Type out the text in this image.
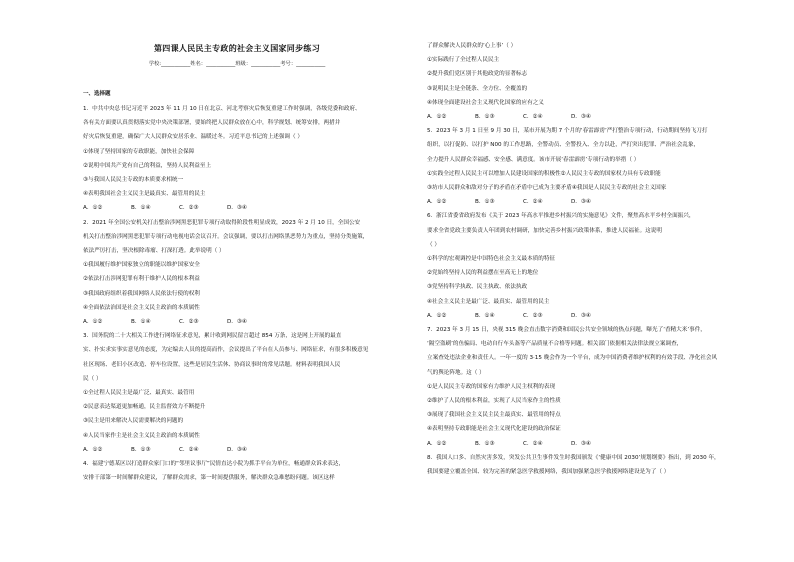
第四课人民民主专政的社会主义国家同步练习
学校:___________姓名：___________班级：___________考号：___________
一、选择题

1．中共中央总书记习近平 2023 年 11 月 10 日在北京、河北考察灾后恢复重建工作时强调，各级党委和政府、

各有关方面要认真贯彻落实党中央决策部署，要始终把人民群众放在心中，科学规划、统筹安排，两措并

好灾后恢复重建，确保广大人民群众安居乐业、温暖过冬。习近平总书记的上述强调（ ）

①体现了坚持国家的专政职能，加快社会保障

②说明中国共产党有自己的利益，坚持人民利益至上

③与我国人民民主专政的本质要求相统一

④表明我国社会主义民主是最真实、最管用的民主

A．①②	B．①④	C．②③	D．③④

2．2021 年全国公安机关打击整治涉网黑恶犯罪专项行动取得阶段性明显成效，2023 年 2 月 10 日，全国公安

机关打击整治涉网黑恶犯罪专项行动电视电话会议召开。会议强调，要以打击网络黑恶势力为重点，坚持分类施策，

依法严厉打击，坚决根除毒瘤、打深打透。此举说明（ ）

①我国履行维护国家独立的职能以维护国家安全

②依法打击涉网犯罪有利于维护人民的根本利益

③我国政府组织着我国网络人民依法行使的权利

④全面依法治国是社会主义民主政治的本质属性

A．①②	B．①④	C．②③	D．③④

3．国务院的二十大相关工作进行网络征求意见，累计收到网民留言超过 854 万条，这是网上开展的最直

实、扑实求实事实意见的态度，为定编去人员的提高而作，会议提出了平台在人员参与、网络征求，有很多积极意见

社区现场、老旧小区改造、停车位设置，这些是居民生活休、协商议事时的常见话题。材料表明我国人民

民（ ）

①全过程人民民主是最广泛、最真实、最管用

②民意表达渠道更加畅通，民主监督效力不断提升

③民主是用来解决人民需要解决的问题的

④人民当家作主是社会主义民主政治的本质属性

A．①②	B．①③	C．②④	D．③④

4．福建宁德某区以打造群众家门口的“邻里议事厅”民情直达小院为抓手平台为单位，畅通群众诉求表达，

安排干部第一时间解群众建议，了解群众需求，第一时间提供服务，解决群众急难愁盼问题。该区这样

了群众解决人民群众的‘心上事’（ ）

①实际践行了全过程人民民主

②提升我们党区别于其他政党的显著标志

③说明民主是全链条、全方位、全覆盖的

④体现全面建设社会主义现代化国家的应有之义

A．①②	B．①③	C．②④	D．③④

5．2023 年 3 月 1 日至 9 月 30 日，某市开展为期 7 个月的‘春雷霹雳’严打整治专项行动，行动期间坚持飞刀打

组织，以打促防、以打护 N00 的工作思路，全警动员、全警投入、全力以赴，严打突出犯罪、严治社会乱象，

全力提升人民群众幸福感、安全感、满意度。该市开展‘春雷霹雳’专项行动的举措（ ）

①实践全过程人民民主可以增加人民建设国家的积极性②人民民主专政的国家权力具有专政职能

③坊市人民群众和敌对分子的矛盾在矛盾中已成为主要矛盾④我国是人民民主专政的社会主义国家

A．①②	B．①③	C．②④	D．③④

6．浙江省委省政府发布《关于 2023 年高水平推进乡村振兴的实施意见》文件，聚焦高水平乡村全面振兴，

要求全省党政主要负责人年团到农村调研，加快完善乡村振兴政策体系，推进人民福祉。这说明

（ ）

①科学的宏观调控是中国特色社会主义最本质的特征

②党始终坚持人民的利益摆在至高无上的地位

③党坚持科学执政、民主执政、依法执政

④社会主义民主是最广泛、最真实、最管用的民主

A．①②	B．①④	C．②③	D．③④

7．2023 年 3 月 15 日，央视 315 晚会直击数字消费和国民公共安全领域的热点问题，曝光了‘香精大米’事件，

‘隔空盗刷’的鱼骗局、电动自行车头盔等产品质量不合格等问题。相关部门依据相关法律法规立案调查，

立案查处违法企业和责任人。一年一度的 3·15 晚会作为一个平台，成为中国消费者维护权利的有效手段、净化社会风

气的舆论阵地。这（ ）

①是人民民主专政的国家有力维护人民主权利的表现

②维护了人民的根本利益，实现了人民当家作主的性质

③展现了我国社会主义民主民主最真实、最管用的特点

④表明坚持专政职能是社会主义现代化建设的政治保证

A．①②	B．①③	C．②④	D．③④

8．我国人口多、自然灾害多发，突发公共卫生事件发生时我国颁发《‘健康中国 2030’规划纲要》指出，到 2030 年，

我国要建立覆盖全国、较为完善的紧急医学救援网络，我国加强紧急医学救援网络建设是为了（ ）
